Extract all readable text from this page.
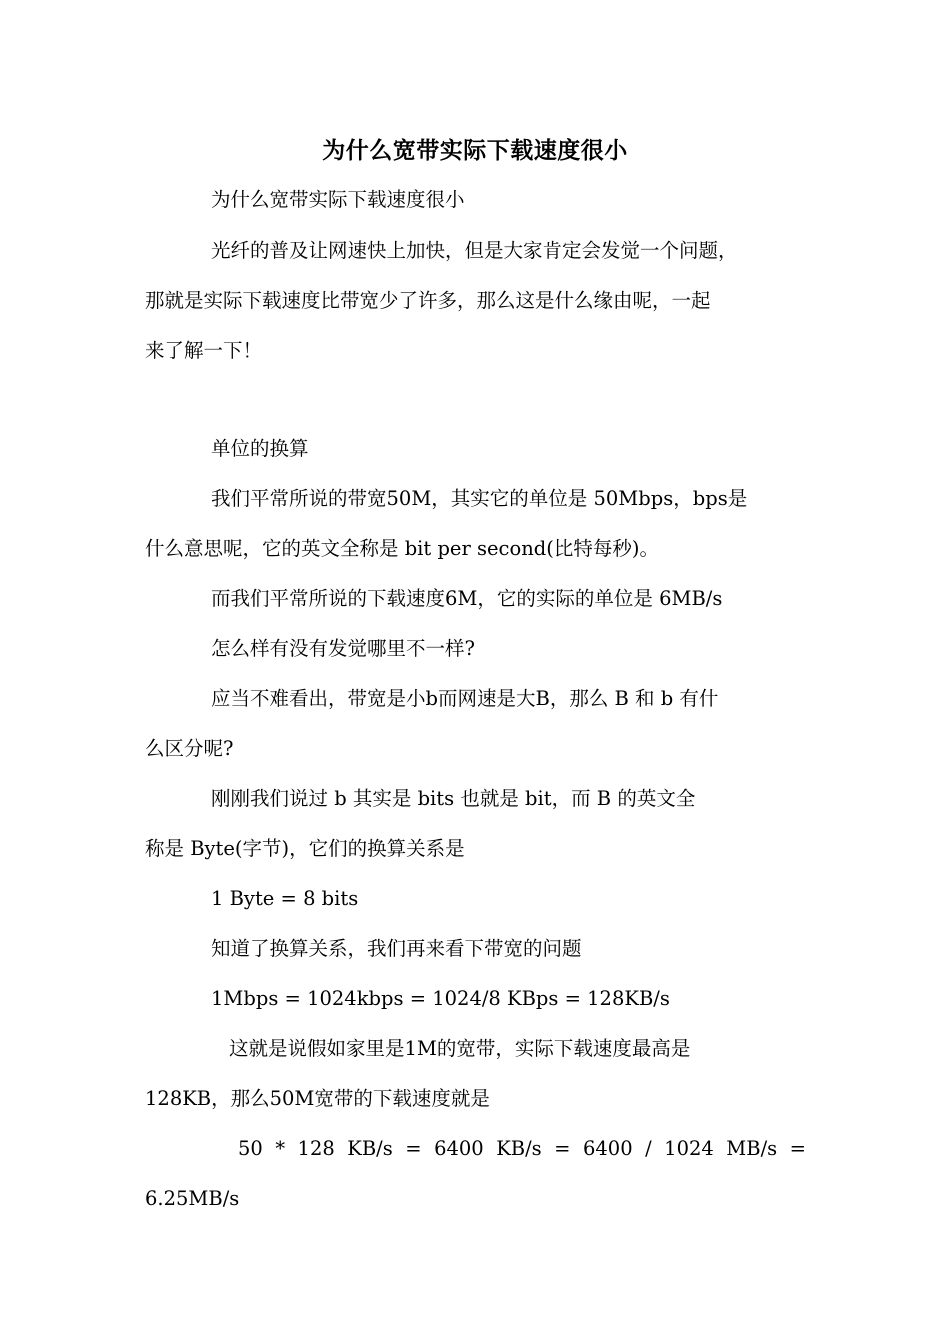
为什么宽带实际下载速度很小
为什么宽带实际下载速度很小
光纤的普及让网速快上加快，但是大家肯定会发觉一个问题，
那就是实际下载速度比带宽少了许多，那么这是什么缘由呢，一起
来了解一下！
单位的换算
我们平常所说的带宽50M，其实它的单位是 50Mbps，bps是
什么意思呢，它的英文全称是 bit per second(比特每秒)。
而我们平常所说的下载速度6M，它的实际的单位是 6MB/s
怎么样有没有发觉哪里不一样?
应当不难看出，带宽是小b而网速是大B，那么 B 和 b 有什
么区分呢?
刚刚我们说过 b 其实是 bits 也就是 bit，而 B 的英文全
称是 Byte(字节)，它们的换算关系是
1 Byte = 8 bits
知道了换算关系，我们再来看下带宽的问题
1Mbps = 1024kbps = 1024/8 KBps = 128KB/s
这就是说假如家里是1M的宽带，实际下载速度最高是
128KB，那么50M宽带的下载速度就是
50 * 128 KB/s = 6400 KB/s = 6400 / 1024 MB/s =
6.25MB/s
